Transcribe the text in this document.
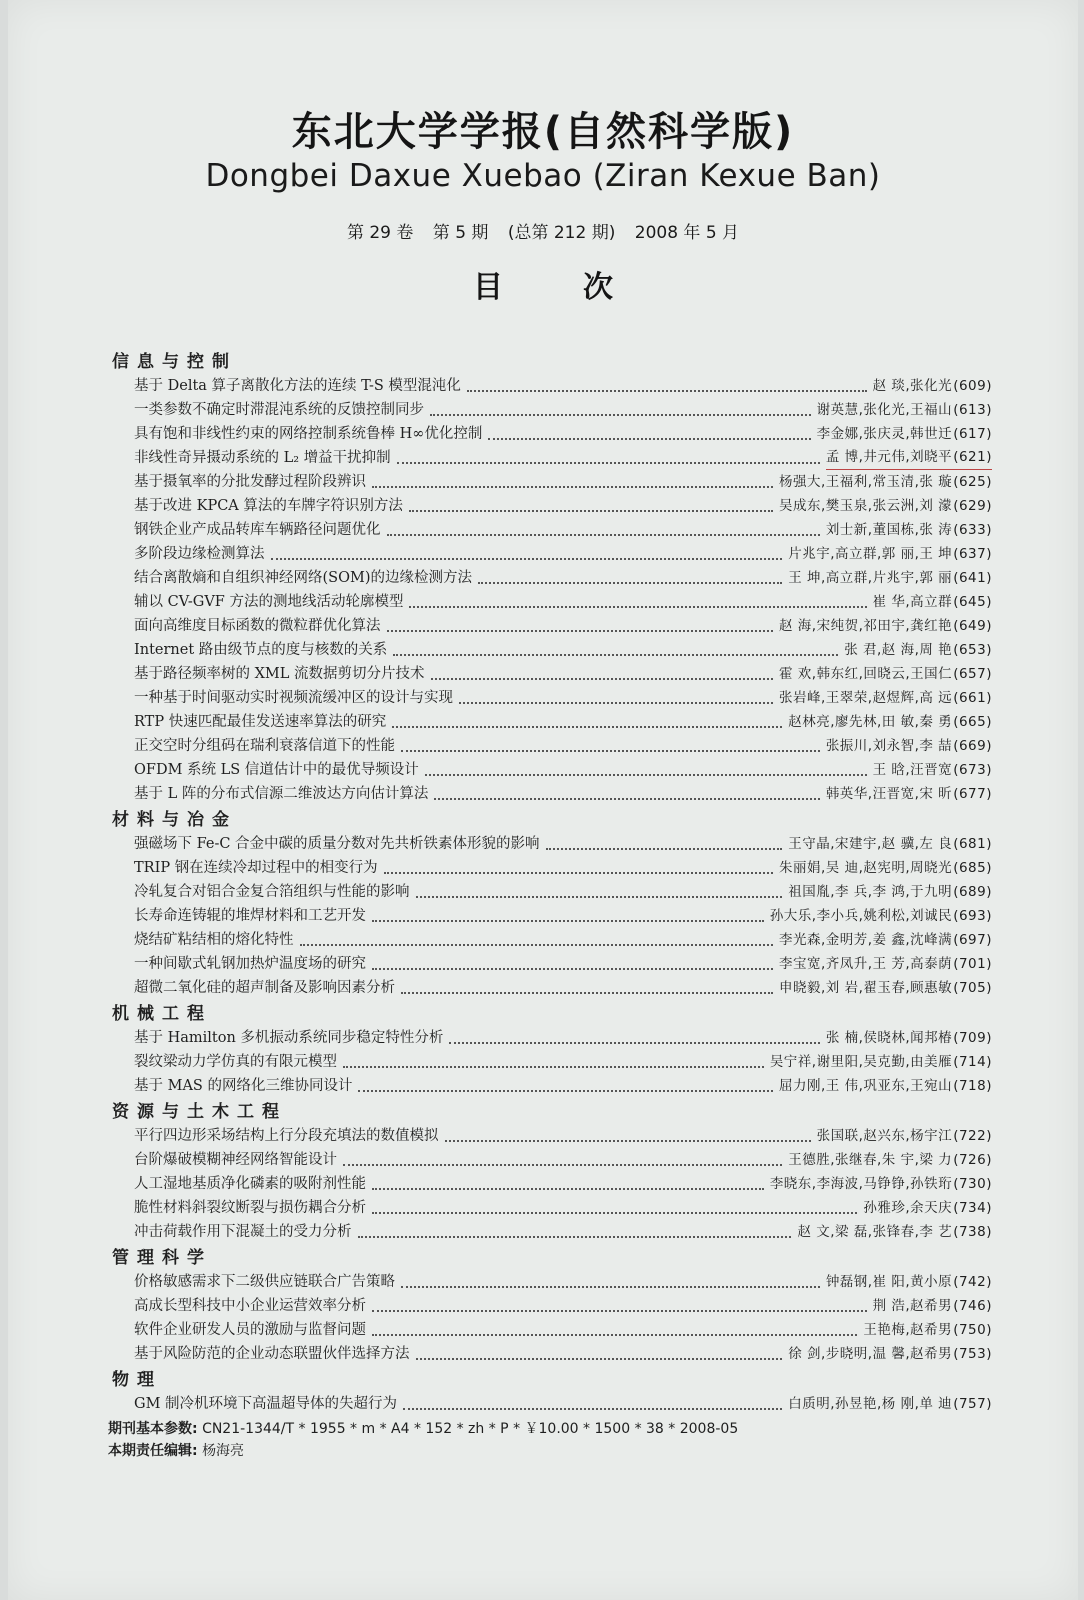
东北大学学报(自然科学版)
Dongbei Daxue Xuebao (Ziran Kexue Ban)
第 29 卷 第 5 期 (总第 212 期) 2008 年 5 月
目次
信息与控制
基于 Delta 算子离散化方法的连续 T-S 模型混沌化	赵 琰,张化光(609)
一类参数不确定时滞混沌系统的反馈控制同步	谢英慧,张化光,王福山(613)
具有饱和非线性约束的网络控制系统鲁棒 H∞优化控制	李金娜,张庆灵,韩世迁(617)
非线性奇异摄动系统的 L₂ 增益干扰抑制	孟 博,井元伟,刘晓平(621)
基于摄氧率的分批发酵过程阶段辨识	杨强大,王福利,常玉清,张 璇(625)
基于改进 KPCA 算法的车牌字符识别方法	吴成东,樊玉泉,张云洲,刘 濛(629)
钢铁企业产成品转库车辆路径问题优化	刘士新,董国栋,张 涛(633)
多阶段边缘检测算法	片兆宇,高立群,郭 丽,王 坤(637)
结合离散熵和自组织神经网络(SOM)的边缘检测方法	王 坤,高立群,片兆宇,郭 丽(641)
辅以 CV-GVF 方法的测地线活动轮廓模型	崔 华,高立群(645)
面向高维度目标函数的微粒群优化算法	赵 海,宋纯贺,祁田宇,龚红艳(649)
Internet 路由级节点的度与核数的关系	张 君,赵 海,周 艳(653)
基于路径频率树的 XML 流数据剪切分片技术	霍 欢,韩东红,回晓云,王国仁(657)
一种基于时间驱动实时视频流缓冲区的设计与实现	张岩峰,王翠荣,赵煜辉,高 远(661)
RTP 快速匹配最佳发送速率算法的研究	赵林亮,廖先林,田 敏,秦 勇(665)
正交空时分组码在瑞利衰落信道下的性能	张振川,刘永智,李 喆(669)
OFDM 系统 LS 信道估计中的最优导频设计	王 晗,汪晋宽(673)
基于 L 阵的分布式信源二维波达方向估计算法	韩英华,汪晋宽,宋 昕(677)
材料与冶金
强磁场下 Fe-C 合金中碳的质量分数对先共析铁素体形貌的影响	王守晶,宋建宇,赵 骥,左 良(681)
TRIP 钢在连续冷却过程中的相变行为	朱丽娟,吴 迪,赵宪明,周晓光(685)
冷轧复合对铝合金复合箔组织与性能的影响	祖国胤,李 兵,李 鸿,于九明(689)
长寿命连铸辊的堆焊材料和工艺开发	孙大乐,李小兵,姚利松,刘诚民(693)
烧结矿粘结相的熔化特性	李光森,金明芳,姜 鑫,沈峰满(697)
一种间歇式轧钢加热炉温度场的研究	李宝宽,齐凤升,王 芳,高泰荫(701)
超微二氧化硅的超声制备及影响因素分析	申晓毅,刘 岩,翟玉春,顾惠敏(705)
机械工程
基于 Hamilton 多机振动系统同步稳定特性分析	张 楠,侯晓林,闻邦椿(709)
裂纹梁动力学仿真的有限元模型	吴宁祥,谢里阳,吴克勤,由美雁(714)
基于 MAS 的网络化三维协同设计	屈力刚,王 伟,巩亚东,王宛山(718)
资源与土木工程
平行四边形采场结构上行分段充填法的数值模拟	张国联,赵兴东,杨宇江(722)
台阶爆破模糊神经网络智能设计	王德胜,张继春,朱 宇,梁 力(726)
人工湿地基质净化磷素的吸附剂性能	李晓东,李海波,马铮铮,孙铁珩(730)
脆性材料斜裂纹断裂与损伤耦合分析	孙雅珍,余天庆(734)
冲击荷载作用下混凝土的受力分析	赵 文,梁 磊,张锋春,李 艺(738)
管理科学
价格敏感需求下二级供应链联合广告策略	钟磊钢,崔 阳,黄小原(742)
高成长型科技中小企业运营效率分析	荆 浩,赵希男(746)
软件企业研发人员的激励与监督问题	王艳梅,赵希男(750)
基于风险防范的企业动态联盟伙伴选择方法	徐 剑,步晓明,温 馨,赵希男(753)
物理
GM 制冷机环境下高温超导体的失超行为	白质明,孙昱艳,杨 刚,单 迪(757)
期刊基本参数: CN21-1344/T * 1955 * m * A4 * 152 * zh * P * ￥10.00 * 1500 * 38 * 2008-05
本期责任编辑: 杨海亮
